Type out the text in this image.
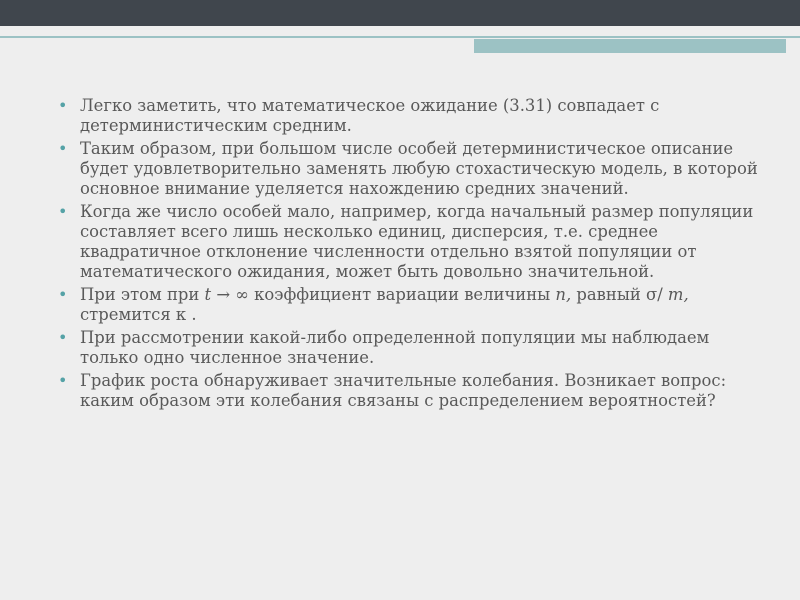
• Легко заметить, что математическое ожидание (3.31) совпадает с детерминистическим средним.
• Таким образом, при большом числе особей детерминистическое описание будет удовлетворительно заменять любую стохастическую модель, в которой основное внимание уделяется нахождению средних значений.
• Когда же число особей мало, например, когда начальный размер популяции составляет всего лишь несколько единиц, дисперсия, т.е. среднее квадратичное отклонение численности отдельно взятой популяции от математического ожидания, может быть довольно значительной.
• При этом при t → ∞ коэффициент вариации величины n, равный σ/ m, стремится к .
• При рассмотрении какой-либо определенной популяции мы наблюдаем только одно численное значение.
• График роста обнаруживает значительные колебания. Возникает вопрос: каким образом эти колебания связаны с распределением вероятностей?
